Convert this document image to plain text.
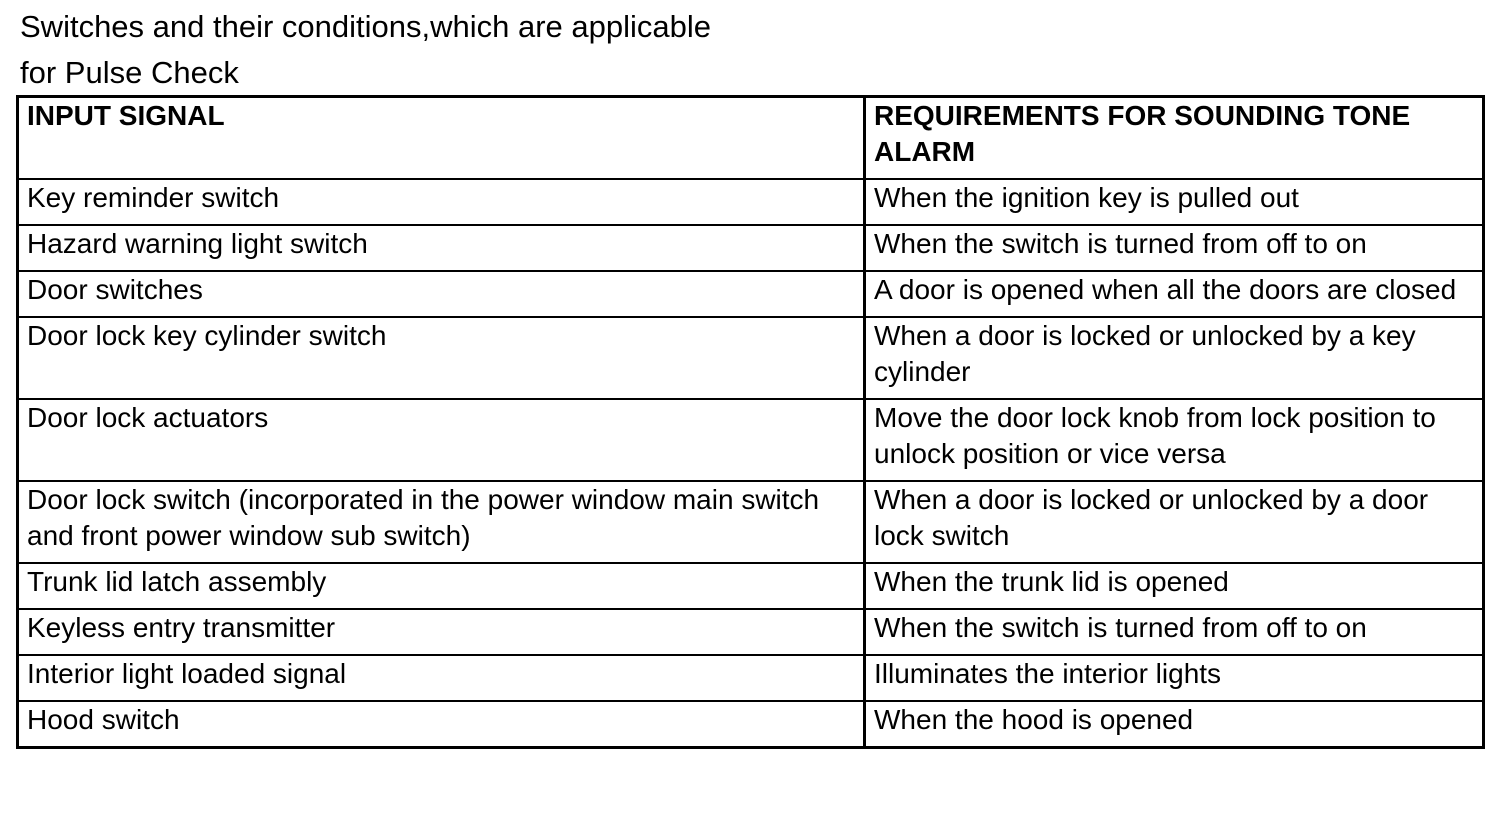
Switches and their conditions,which are applicable
for Pulse Check
INPUT SIGNAL	REQUIREMENTS FOR SOUNDING TONE ALARM
Key reminder switch	When the ignition key is pulled out
Hazard warning light switch	When the switch is turned from off to on
Door switches	A door is opened when all the doors are closed
Door lock key cylinder switch	When a door is locked or unlocked by a key cylinder
Door lock actuators	Move the door lock knob from lock position to unlock position or vice versa
Door lock switch (incorporated in the power window main switch and front power window sub switch)	When a door is locked or unlocked by a door lock switch
Trunk lid latch assembly	When the trunk lid is opened
Keyless entry transmitter	When the switch is turned from off to on
Interior light loaded signal	Illuminates the interior lights
Hood switch	When the hood is opened
